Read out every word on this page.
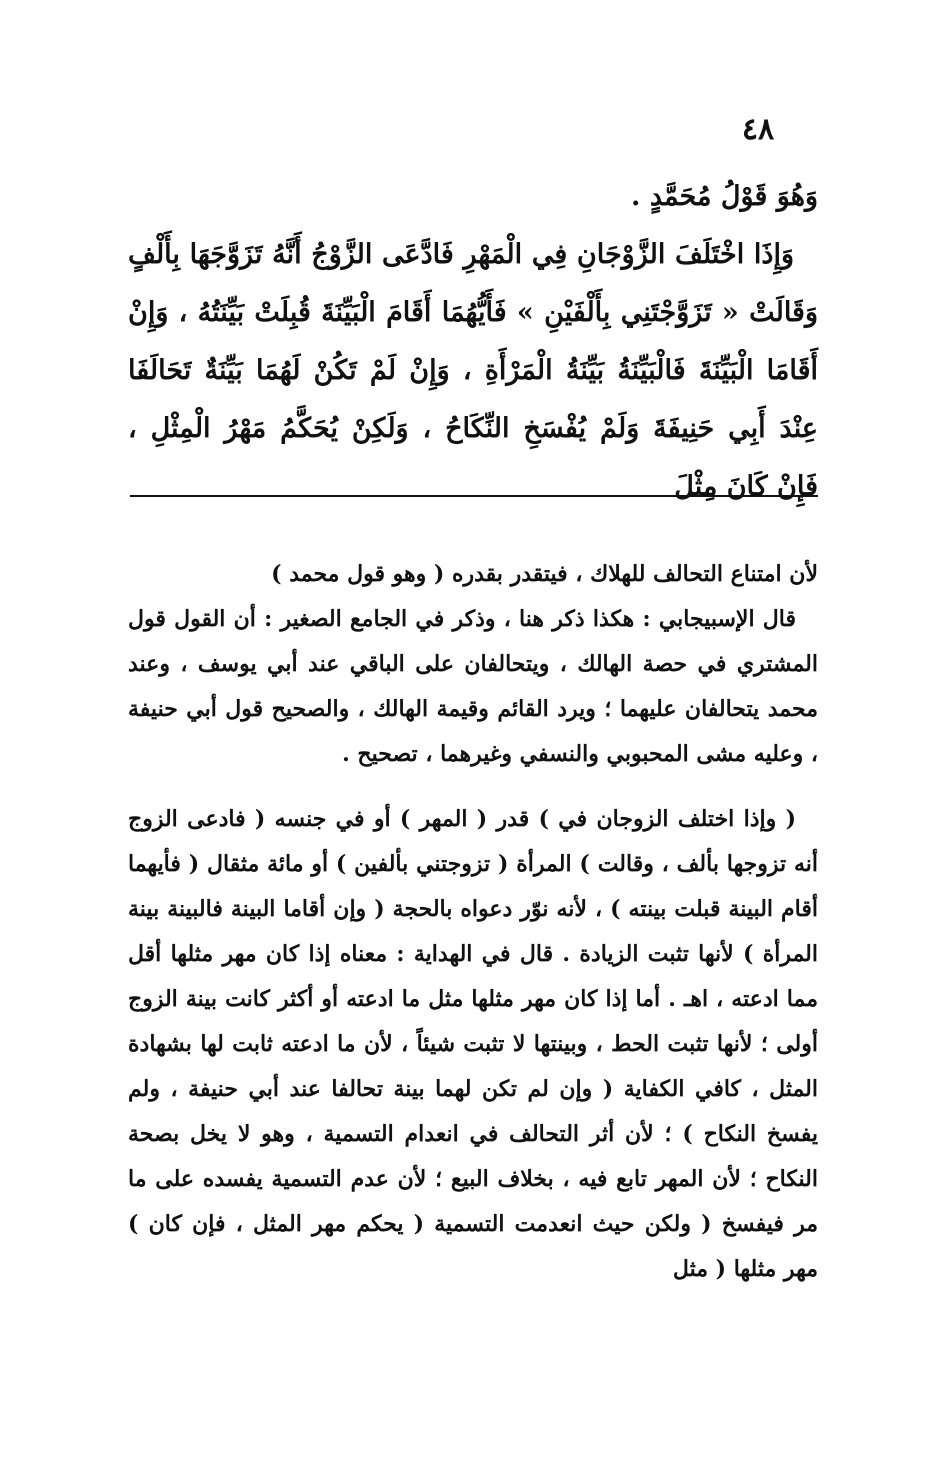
٤٨

وَهُوَ قَوْلُ مُحَمَّدٍ .

وَإِذَا اخْتَلَفَ الزَّوْجَانِ فِي الْمَهْرِ فَادَّعَى الزَّوْجُ أَنَّهُ تَزَوَّجَهَا بِأَلْفٍ وَقَالَتْ « تَزَوَّجْتَنِي بِأَلْفَيْنِ » فَأَيُّهُمَا أَقَامَ الْبَيِّنَةَ قُبِلَتْ بَيِّنَتُهُ ، وَإِنْ أَقَامَا الْبَيِّنَةَ فَالْبَيِّنَةُ بَيِّنَةُ الْمَرْأَةِ ، وَإِنْ لَمْ تَكُنْ لَهُمَا بَيِّنَةٌ تَحَالَفَا عِنْدَ أَبِي حَنِيفَةَ وَلَمْ يُفْسَخِ النِّكَاحُ ، وَلَكِنْ يُحَكَّمُ مَهْرُ الْمِثْلِ ، فَإِنْ كَانَ مِثْلَ

لأن امتناع التحالف للهلاك ، فيتقدر بقدره ( وهو قول محمد )

قال الإسبيجابي : هكذا ذكر هنا ، وذكر في الجامع الصغير : أن القول قول المشتري في حصة الهالك ، ويتحالفان على الباقي عند أبي يوسف ، وعند محمد يتحالفان عليهما ؛ ويرد القائم وقيمة الهالك ، والصحيح قول أبي حنيفة ، وعليه مشى المحبوبي والنسفي وغيرهما ، تصحيح .

( وإذا اختلف الزوجان في ) قدر ( المهر ) أو في جنسه ( فادعى الزوج أنه تزوجها بألف ، وقالت ) المرأة ( تزوجتني بألفين ) أو مائة مثقال ( فأيهما أقام البينة قبلت بينته ) ، لأنه نوّر دعواه بالحجة ( وإن أقاما البينة فالبينة بينة المرأة ) لأنها تثبت الزيادة . قال في الهداية : معناه إذا كان مهر مثلها أقل مما ادعته ، اهـ . أما إذا كان مهر مثلها مثل ما ادعته أو أكثر كانت بينة الزوج أولى ؛ لأنها تثبت الحط ، وبينتها لا تثبت شيئاً ، لأن ما ادعته ثابت لها بشهادة المثل ، كافي الكفاية ( وإن لم تكن لهما بينة تحالفا عند أبي حنيفة ، ولم يفسخ النكاح ) ؛ لأن أثر التحالف في انعدام التسمية ، وهو لا يخل بصحة النكاح ؛ لأن المهر تابع فيه ، بخلاف البيع ؛ لأن عدم التسمية يفسده على ما مر فيفسخ ( ولكن حيث انعدمت التسمية ( يحكم مهر المثل ، فإن كان ) مهر مثلها ( مثل
